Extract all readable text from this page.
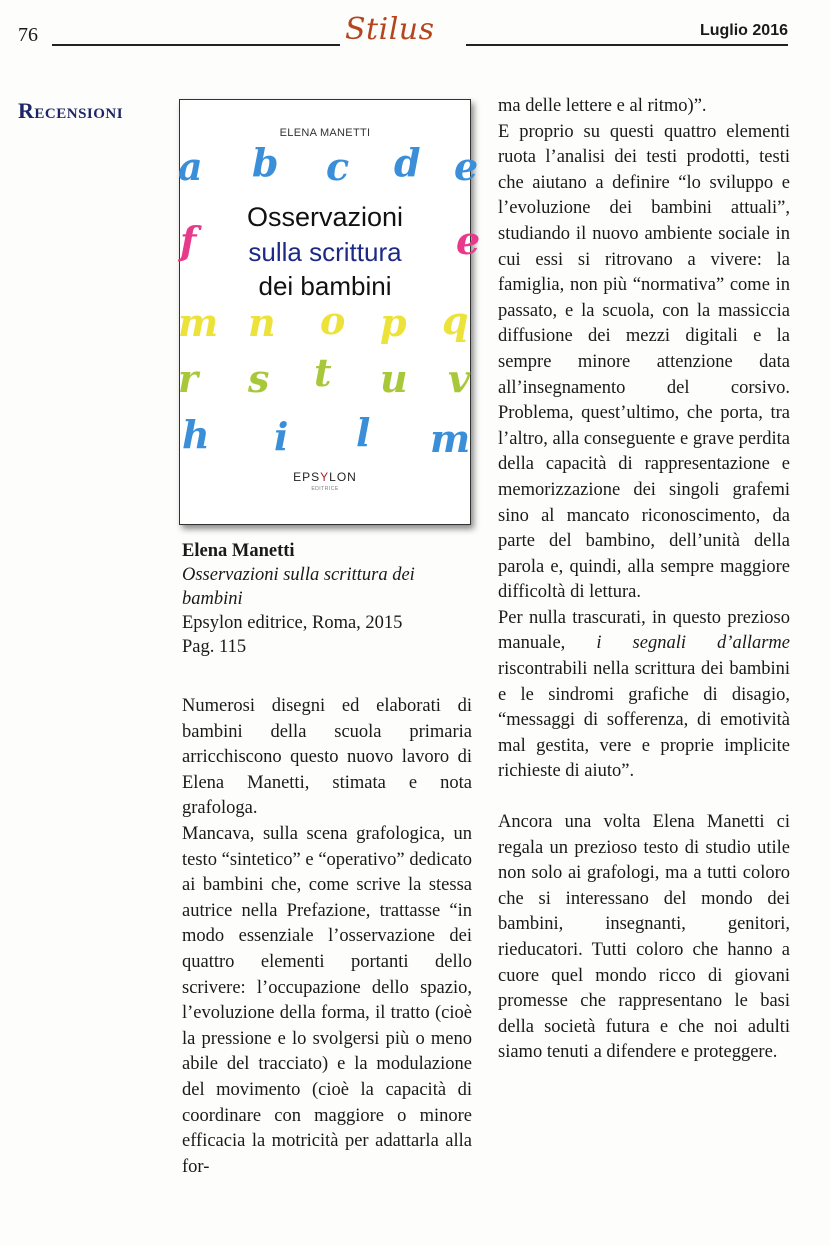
76	Stilus	Luglio 2016
Recensioni
ELENA MANETTI
a b c d e
f	e
Osservazioni
sulla scrittura
dei bambini
m n o p q
r s t u v
h i l m
EPSYLON
EDITRICE
Elena Manetti
Osservazioni sulla scrittura dei bambini
Epsylon editrice, Roma, 2015
Pag. 115

Numerosi disegni ed elaborati di bambini della scuola primaria arricchiscono questo nuovo lavoro di Elena Manetti, stimata e nota grafologa.

Mancava, sulla scena grafologica, un testo “sintetico” e “operativo” dedicato ai bambini che, come scrive la stessa autrice nella Prefazione, trattasse “in modo essenziale l’osservazione dei quattro elementi portanti dello scrivere: l’occupazione dello spazio, l’evoluzione della forma, il tratto (cioè la pressione e lo svolgersi più o meno abile del tracciato) e la modulazione del movimento (cioè la capacità di coordinare con maggiore o minore efficacia la motricità per adattarla alla for-

ma delle lettere e al ritmo)”.

E proprio su questi quattro elementi ruota l’analisi dei testi prodotti, testi che aiutano a definire “lo sviluppo e l’evoluzione dei bambini attuali”, studiando il nuovo ambiente sociale in cui essi si ritrovano a vivere: la famiglia, non più “normativa” come in passato, e la scuola, con la massiccia diffusione dei mezzi digitali e la sempre minore attenzione data all’insegnamento del corsivo. Problema, quest’ultimo, che porta, tra l’altro, alla conseguente e grave perdita della capacità di rappresentazione e memorizzazione dei singoli grafemi sino al mancato riconoscimento, da parte del bambino, dell’unità della parola e, quindi, alla sempre maggiore difficoltà di lettura.

Per nulla trascurati, in questo prezioso manuale, i segnali d’allarme riscontrabili nella scrittura dei bambini e le sindromi grafiche di disagio, “messaggi di sofferenza, di emotività mal gestita, vere e proprie implicite richieste di aiuto”.

Ancora una volta Elena Manetti ci regala un prezioso testo di studio utile non solo ai grafologi, ma a tutti coloro che si interessano del mondo dei bambini, insegnanti, genitori, rieducatori. Tutti coloro che hanno a cuore quel mondo ricco di giovani promesse che rappresentano le basi della società futura e che noi adulti siamo tenuti a difendere e proteggere.
